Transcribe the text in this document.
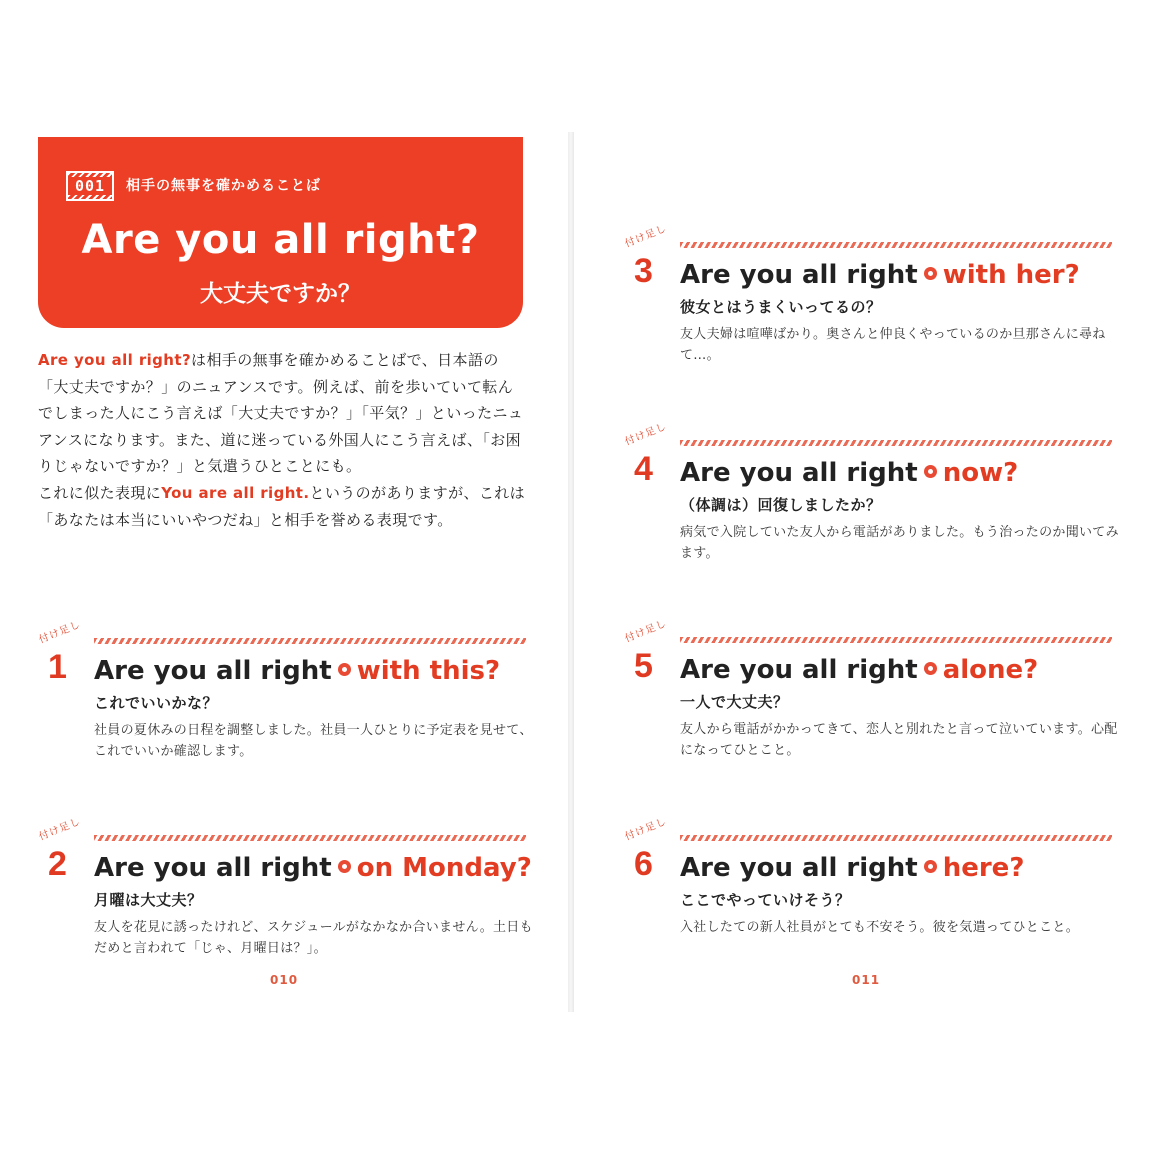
001	相手の無事を確かめることば
Are you all right?
大丈夫ですか？

Are you all right?は相手の無事を確かめることばで、日本語の「大丈夫ですか？」のニュアンスです。例えば、前を歩いていて転んでしまった人にこう言えば「大丈夫ですか？」「平気？」といったニュアンスになります。また、道に迷っている外国人にこう言えば、「お困りじゃないですか？」と気遣うひとことにも。

これに似た表現にYou are all right.というのがありますが、これは「あなたは本当にいいやつだね」と相手を誉める表現です。

付け足し
1 Are you all right with this?
これでいいかな？
社員の夏休みの日程を調整しました。社員一人ひとりに予定表を見せて、これでいいか確認します。
付け足し
2 Are you all right on Monday?
月曜は大丈夫？
友人を花見に誘ったけれど、スケジュールがなかなか合いません。土日もだめと言われて「じゃ、月曜日は？」。
010
付け足し
3 Are you all right with her?
彼女とはうまくいってるの？
友人夫婦は喧嘩ばかり。奥さんと仲良くやっているのか旦那さんに尋ねて…。
付け足し
4 Are you all right now?
（体調は）回復しましたか？
病気で入院していた友人から電話がありました。もう治ったのか聞いてみます。
付け足し
5 Are you all right alone?
一人で大丈夫？
友人から電話がかかってきて、恋人と別れたと言って泣いています。心配になってひとこと。
付け足し
6 Are you all right here?
ここでやっていけそう？
入社したての新人社員がとても不安そう。彼を気遣ってひとこと。
011
